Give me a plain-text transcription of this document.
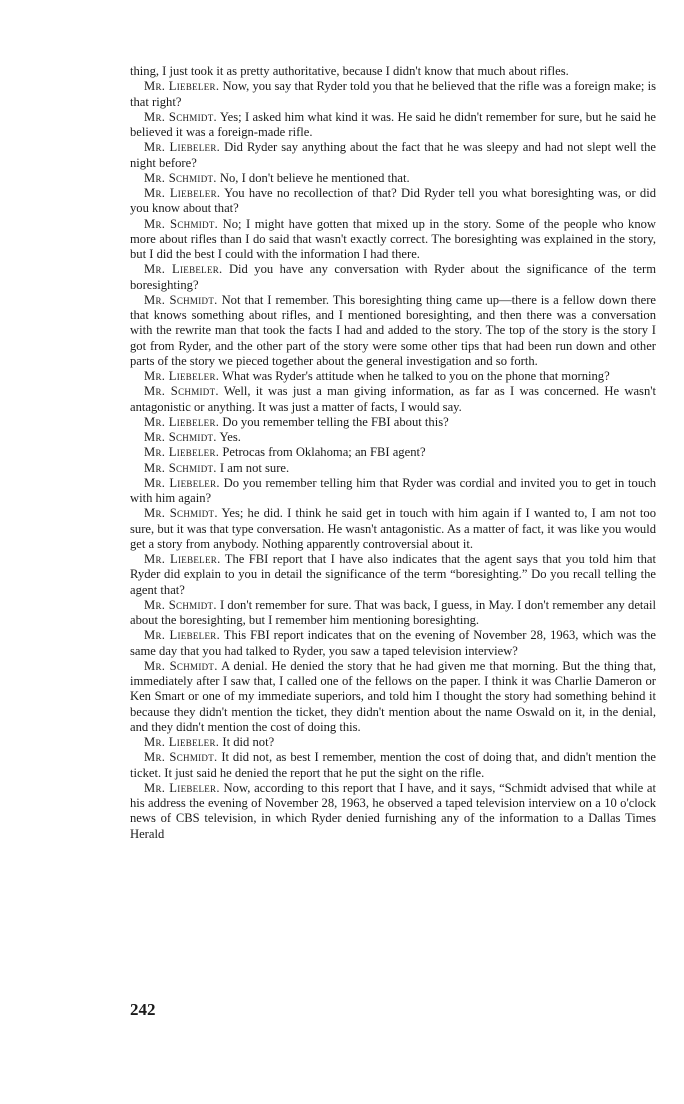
thing, I just took it as pretty authoritative, because I didn't know that much about rifles.

Mr. Liebeler. Now, you say that Ryder told you that he believed that the rifle was a foreign make; is that right?

Mr. Schmidt. Yes; I asked him what kind it was. He said he didn't remember for sure, but he said he believed it was a foreign-made rifle.

Mr. Liebeler. Did Ryder say anything about the fact that he was sleepy and had not slept well the night before?

Mr. Schmidt. No, I don't believe he mentioned that.

Mr. Liebeler. You have no recollection of that? Did Ryder tell you what boresighting was, or did you know about that?

Mr. Schmidt. No; I might have gotten that mixed up in the story. Some of the people who know more about rifles than I do said that wasn't exactly correct. The boresighting was explained in the story, but I did the best I could with the information I had there.

Mr. Liebeler. Did you have any conversation with Ryder about the significance of the term boresighting?

Mr. Schmidt. Not that I remember. This boresighting thing came up—there is a fellow down there that knows something about rifles, and I mentioned boresighting, and then there was a conversation with the rewrite man that took the facts I had and added to the story. The top of the story is the story I got from Ryder, and the other part of the story were some other tips that had been run down and other parts of the story we pieced together about the general investigation and so forth.

Mr. Liebeler. What was Ryder's attitude when he talked to you on the phone that morning?

Mr. Schmidt. Well, it was just a man giving information, as far as I was concerned. He wasn't antagonistic or anything. It was just a matter of facts, I would say.

Mr. Liebeler. Do you remember telling the FBI about this?

Mr. Schmidt. Yes.

Mr. Liebeler. Petrocas from Oklahoma; an FBI agent?

Mr. Schmidt. I am not sure.

Mr. Liebeler. Do you remember telling him that Ryder was cordial and invited you to get in touch with him again?

Mr. Schmidt. Yes; he did. I think he said get in touch with him again if I wanted to, I am not too sure, but it was that type conversation. He wasn't antagonistic. As a matter of fact, it was like you would get a story from anybody. Nothing apparently controversial about it.

Mr. Liebeler. The FBI report that I have also indicates that the agent says that you told him that Ryder did explain to you in detail the significance of the term “boresighting.” Do you recall telling the agent that?

Mr. Schmidt. I don't remember for sure. That was back, I guess, in May. I don't remember any detail about the boresighting, but I remember him mentioning boresighting.

Mr. Liebeler. This FBI report indicates that on the evening of November 28, 1963, which was the same day that you had talked to Ryder, you saw a taped television interview?

Mr. Schmidt. A denial. He denied the story that he had given me that morning. But the thing that, immediately after I saw that, I called one of the fellows on the paper. I think it was Charlie Dameron or Ken Smart or one of my immediate superiors, and told him I thought the story had something behind it because they didn't mention the ticket, they didn't mention about the name Oswald on it, in the denial, and they didn't mention the cost of doing this.

Mr. Liebeler. It did not?

Mr. Schmidt. It did not, as best I remember, mention the cost of doing that, and didn't mention the ticket. It just said he denied the report that he put the sight on the rifle.

Mr. Liebeler. Now, according to this report that I have, and it says, “Schmidt advised that while at his address the evening of November 28, 1963, he observed a taped television interview on a 10 o'clock news of CBS television, in which Ryder denied furnishing any of the information to a Dallas Times Herald

242
